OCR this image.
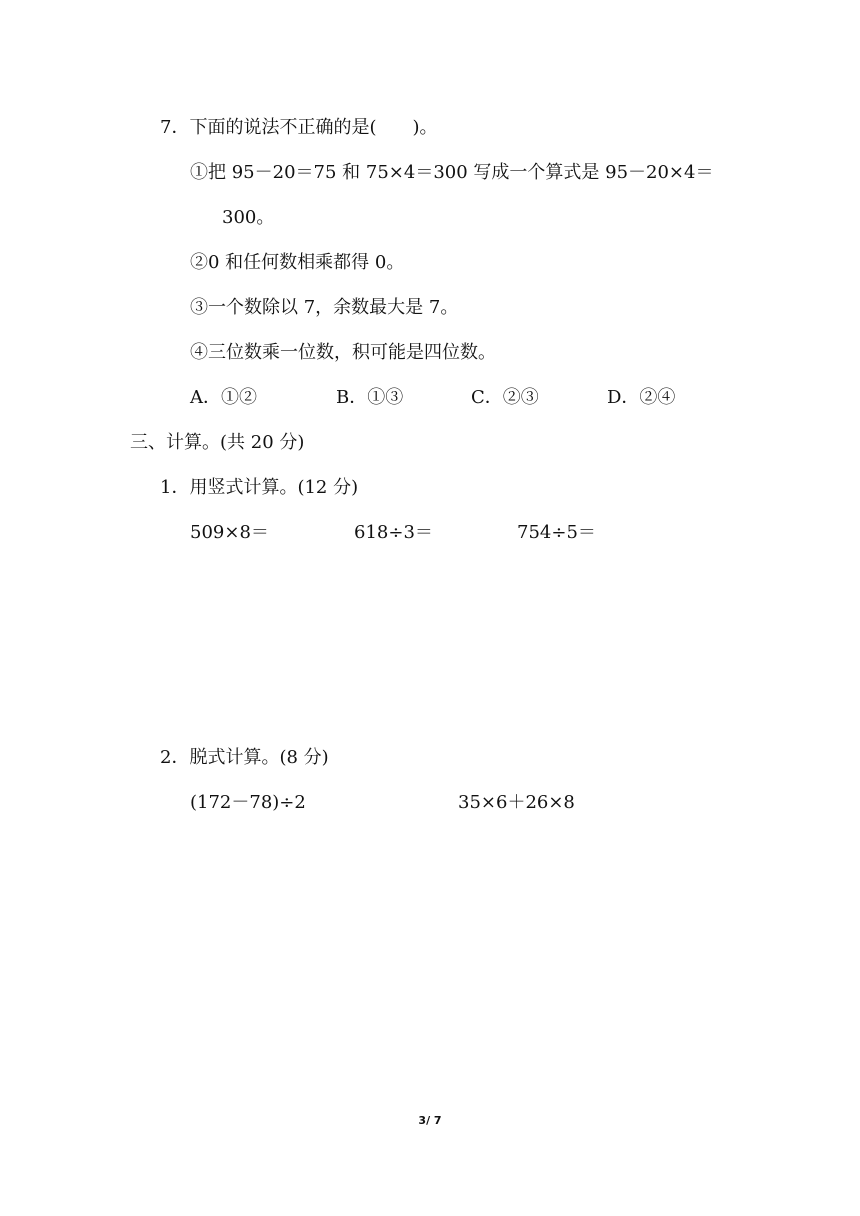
7．下面的说法不正确的是(　　)。
①把 95－20＝75 和 75×4＝300 写成一个算式是 95－20×4＝
300。
②0 和任何数相乘都得 0。
③一个数除以 7，余数最大是 7。
④三位数乘一位数，积可能是四位数。
A．①②	B．①③	C．②③	D．②④
三、计算。(共 20 分)
1．用竖式计算。(12 分)
509×8＝	618÷3＝	754÷5＝
2．脱式计算。(8 分)
(172－78)÷2	35×6＋26×8
3/ 7
